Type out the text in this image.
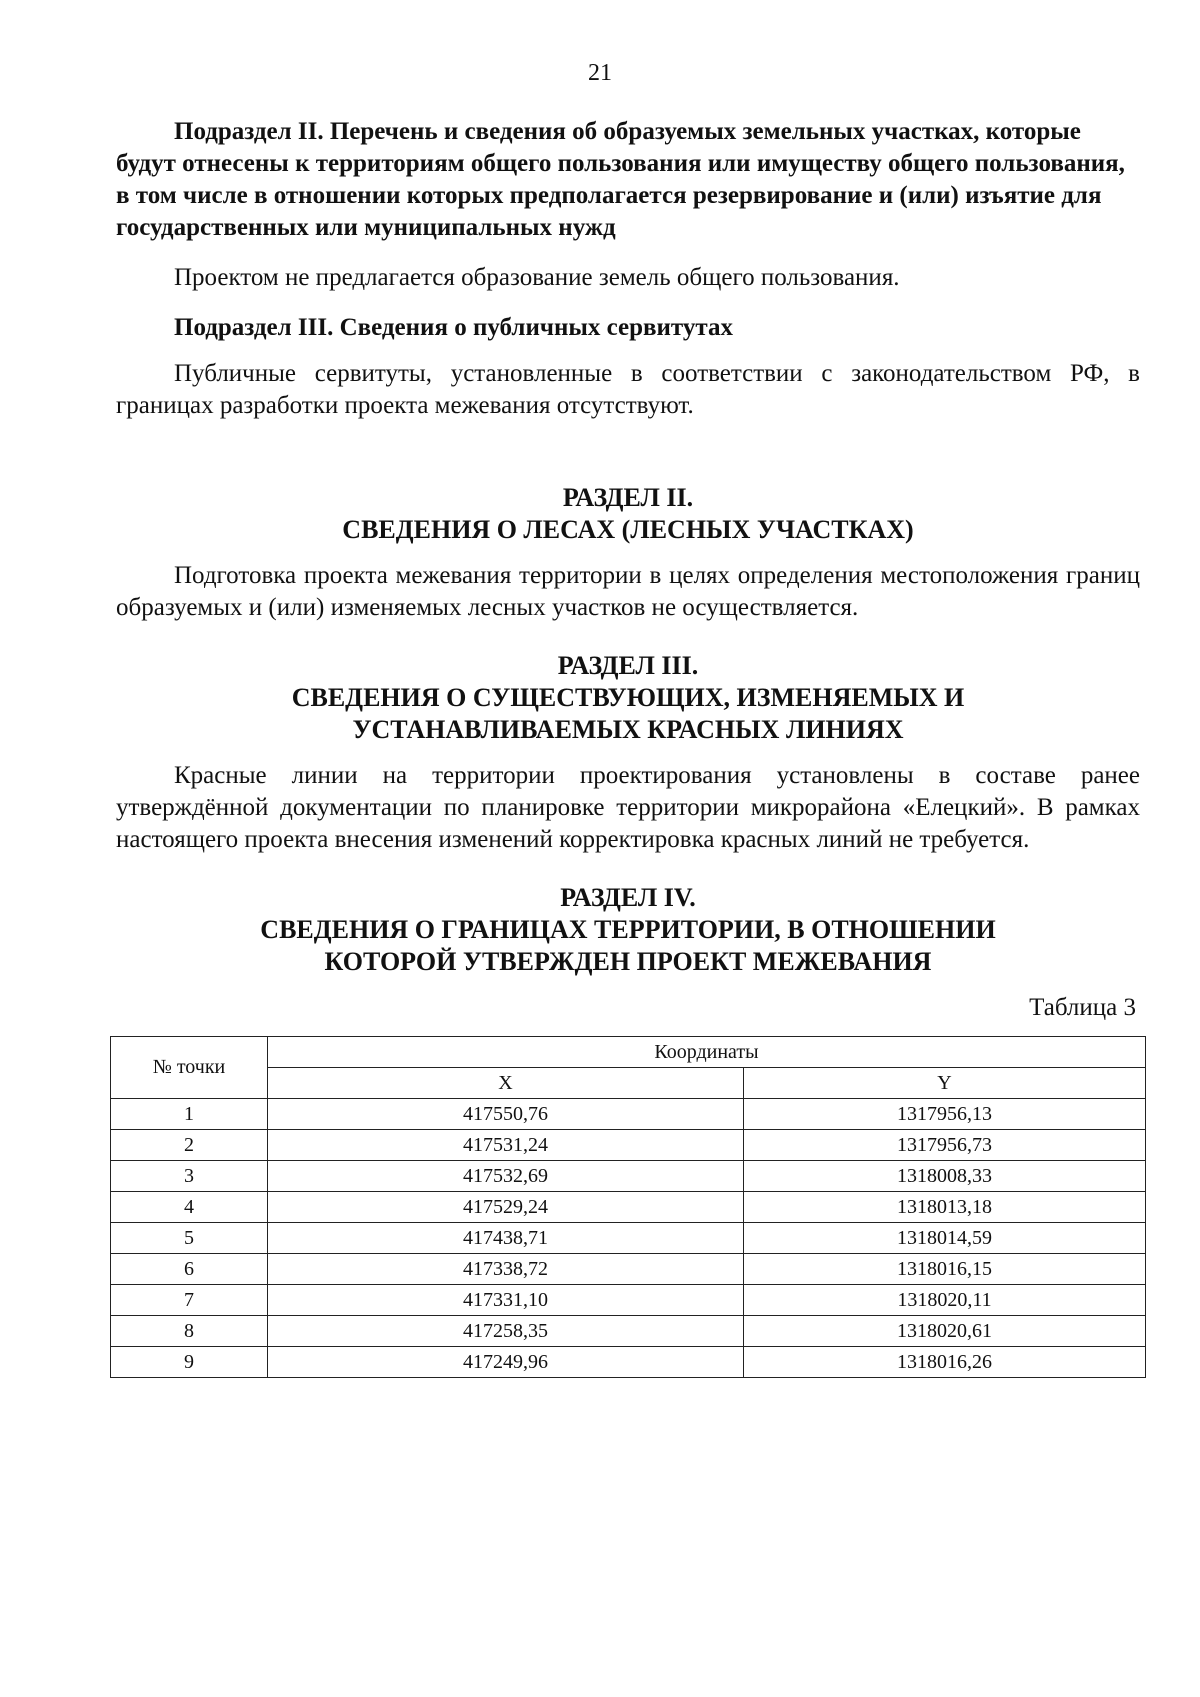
21

Подраздел II. Перечень и сведения об образуемых земельных участках, которые будут отнесены к территориям общего пользования или имуществу общего пользования, в том числе в отношении которых предполагается резервирование и (или) изъятие для государственных или муниципальных нужд

Проектом не предлагается образование земель общего пользования.

Подраздел III. Сведения о публичных сервитутах

Публичные сервитуты, установленные в соответствии с законодательством РФ, в границах разработки проекта межевания отсутствуют.

РАЗДЕЛ II.

СВЕДЕНИЯ О ЛЕСАХ (ЛЕСНЫХ УЧАСТКАХ)

Подготовка проекта межевания территории в целях определения местоположения границ образуемых и (или) изменяемых лесных участков не осуществляется.

РАЗДЕЛ III.

СВЕДЕНИЯ О СУЩЕСТВУЮЩИХ, ИЗМЕНЯЕМЫХ И

УСТАНАВЛИВАЕМЫХ КРАСНЫХ ЛИНИЯХ

Красные линии на территории проектирования установлены в составе ранее утверждённой документации по планировке территории микрорайона «Елецкий». В рамках настоящего проекта внесения изменений корректировка красных линий не требуется.

РАЗДЕЛ IV.

СВЕДЕНИЯ О ГРАНИЦАХ ТЕРРИТОРИИ, В ОТНОШЕНИИ

КОТОРОЙ УТВЕРЖДЕН ПРОЕКТ МЕЖЕВАНИЯ

Таблица 3

№ точки	Координаты	
	X	Y
1	417550,76	1317956,13
2	417531,24	1317956,73
3	417532,69	1318008,33
4	417529,24	1318013,18
5	417438,71	1318014,59
6	417338,72	1318016,15
7	417331,10	1318020,11
8	417258,35	1318020,61
9	417249,96	1318016,26
